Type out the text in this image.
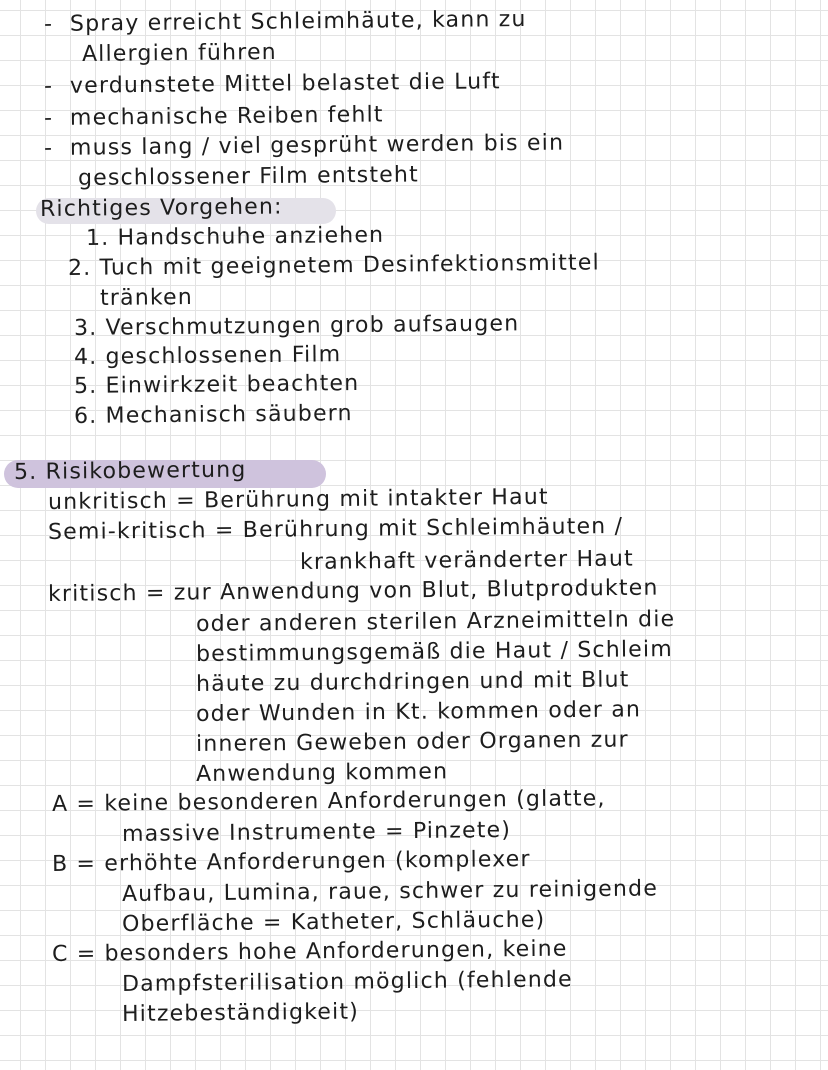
- Spray erreicht Schleimhäute, kann zu
Allergien führen
- verdunstete Mittel belastet die Luft
- mechanische Reiben fehlt
- muss lang / viel gesprüht werden bis ein
geschlossener Film entsteht
Richtiges Vorgehen:
1. Handschuhe anziehen
2. Tuch mit geeignetem Desinfektionsmittel
tränken
3. Verschmutzungen grob aufsaugen
4. geschlossenen Film
5. Einwirkzeit beachten
6. Mechanisch säubern
5. Risikobewertung
unkritisch = Berührung mit intakter Haut
Semi-kritisch = Berührung mit Schleimhäuten /
krankhaft veränderter Haut
kritisch = zur Anwendung von Blut, Blutprodukten
oder anderen sterilen Arzneimitteln die
bestimmungsgemäß die Haut / Schleim
häute zu durchdringen und mit Blut
oder Wunden in Kt. kommen oder an
inneren Geweben oder Organen zur
Anwendung kommen
A = keine besonderen Anforderungen (glatte,
massive Instrumente = Pinzete)
B = erhöhte Anforderungen (komplexer
Aufbau, Lumina, raue, schwer zu reinigende
Oberfläche = Katheter, Schläuche)
C = besonders hohe Anforderungen, keine
Dampfsterilisation möglich (fehlende
Hitzebeständigkeit)
